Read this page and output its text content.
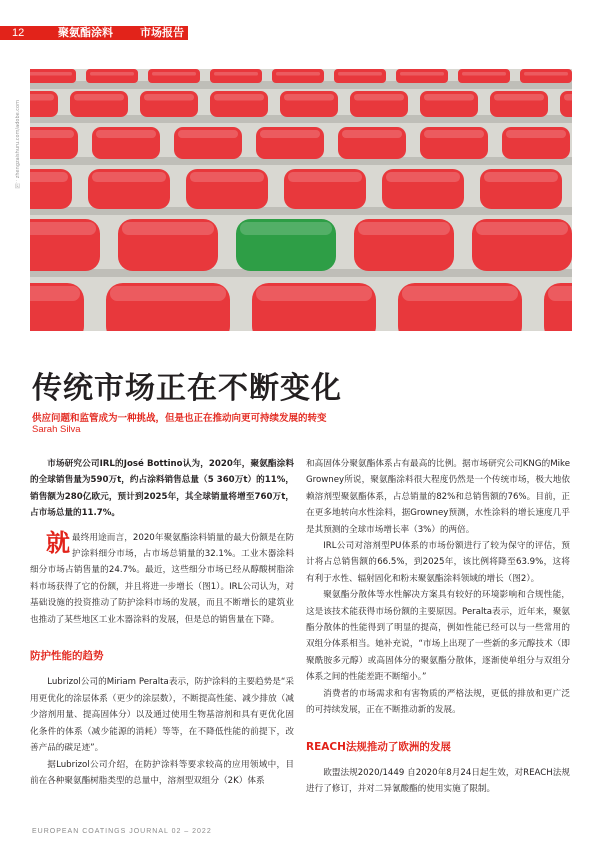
12	聚氨酯涂料 市场报告
图：zhengzaishuru.com/adobe.com
传统市场正在不断变化
供应问题和监管成为一种挑战，但是也正在推动向更可持续发展的转变
Sarah Silva

市场研究公司IRL的José Bottino认为，2020年，聚氨酯涂料的全球销售量为590万t，约占涂料销售总量（5 360万t）的11%，销售额为280亿欧元，预计到2025年，其全球销量将增至760万t，占市场总量的11.7%。

就最终用途而言，2020年聚氨酯涂料销量的最大份额是在防护涂料细分市场，占市场总销量的32.1%。工业木器涂料细分市场占销售量的24.7%。最近，这些细分市场已经从醇酸树脂涂料市场获得了它的份额，并且将进一步增长（图1）。IRL公司认为，对基础设施的投资推动了防护涂料市场的发展，而且不断增长的建筑业也推动了某些地区工业木器涂料的发展，但是总的销售量在下降。

防护性能的趋势

Lubrizol公司的Miriam Peralta表示，防护涂料的主要趋势是“采用更优化的涂层体系（更少的涂层数），不断提高性能、减少排放（减少溶剂用量、提高固体分）以及通过使用生物基溶剂和具有更优化固化条件的体系（减少能源的消耗）等等，在不降低性能的前提下，改善产品的碳足迹”。

据Lubrizol公司介绍，在防护涂料等要求较高的应用领域中，目前在各种聚氨酯树脂类型的总量中，溶剂型双组分（2K）体系

和高固体分聚氨酯体系占有最高的比例。据市场研究公司KNG的Mike Growney所说，聚氨酯涂料很大程度仍然是一个传统市场，极大地依赖溶剂型聚氨酯体系，占总销量的82%和总销售额的76%。目前，正在更多地转向水性涂料，据Growney预测，水性涂料的增长速度几乎是其预测的全球市场增长率（3%）的两倍。

IRL公司对溶剂型PU体系的市场份额进行了较为保守的评估，预计将占总销售额的66.5%，到2025年，该比例将降至63.9%，这将有利于水性、辐射固化和粉末聚氨酯涂料领域的增长（图2）。

聚氨酯分散体等水性解决方案具有较好的环境影响和合规性能，这是该技术能获得市场份额的主要原因。Peralta表示，近年来，聚氨酯分散体的性能得到了明显的提高，例如性能已经可以与一些常用的双组分体系相当。她补充说，“市场上出现了一些新的多元醇技术（即聚酰胺多元醇）或高固体分的聚氨酯分散体，逐渐使单组分与双组分体系之间的性能差距不断缩小。”

消费者的市场需求和有害物质的严格法规，更低的排放和更广泛的可持续发展，正在不断推动新的发展。

REACH法规推动了欧洲的发展

欧盟法规2020/1449 自2020年8月24日起生效，对REACH法规进行了修订，并对二异氰酸酯的使用实施了限制。

EUROPEAN COATINGS JOURNAL 02 – 2022
